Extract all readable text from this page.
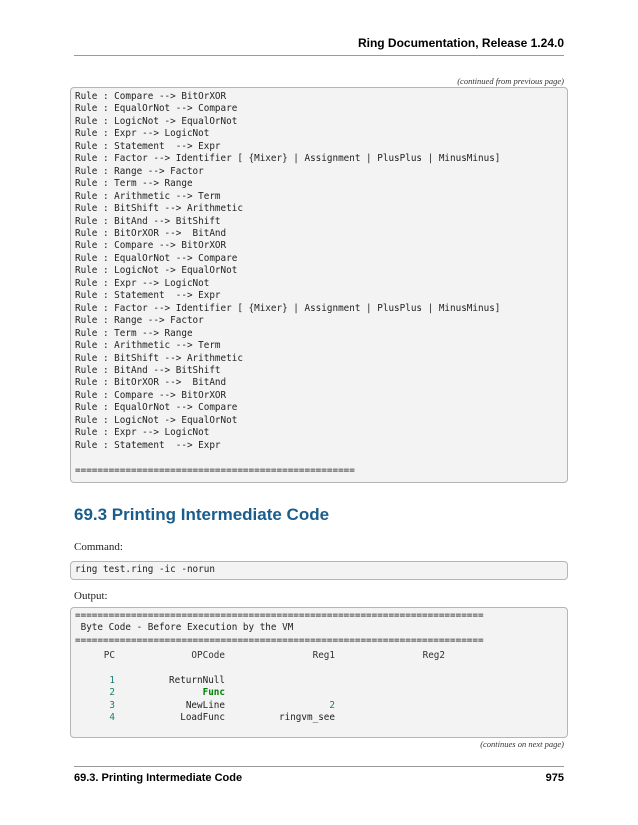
Ring Documentation, Release 1.24.0
(continued from previous page)
Rule : Compare --> BitOrXOR
Rule : EqualOrNot --> Compare
Rule : LogicNot -> EqualOrNot
Rule : Expr --> LogicNot
Rule : Statement  --> Expr
Rule : Factor --> Identifier [ {Mixer} | Assignment | PlusPlus | MinusMinus]
Rule : Range --> Factor
Rule : Term --> Range
Rule : Arithmetic --> Term
Rule : BitShift --> Arithmetic
Rule : BitAnd --> BitShift
Rule : BitOrXOR -->  BitAnd
Rule : Compare --> BitOrXOR
Rule : EqualOrNot --> Compare
Rule : LogicNot -> EqualOrNot
Rule : Expr --> LogicNot
Rule : Statement  --> Expr
Rule : Factor --> Identifier [ {Mixer} | Assignment | PlusPlus | MinusMinus]
Rule : Range --> Factor
Rule : Term --> Range
Rule : Arithmetic --> Term
Rule : BitShift --> Arithmetic
Rule : BitAnd --> BitShift
Rule : BitOrXOR -->  BitAnd
Rule : Compare --> BitOrXOR
Rule : EqualOrNot --> Compare
Rule : LogicNot -> EqualOrNot
Rule : Expr --> LogicNot
Rule : Statement  --> Expr

==================================================
69.3 Printing Intermediate Code
Command:
ring test.ring -ic -norun
Output:
=========================================================================
Byte Code - Before Execution by the VM
=========================================================================
PC	OPCode	Reg1	Reg2
1	ReturnNull
2	Func
3	NewLine	2
4	LoadFunc	ringvm_see
(continues on next page)
69.3. Printing Intermediate Code	975
